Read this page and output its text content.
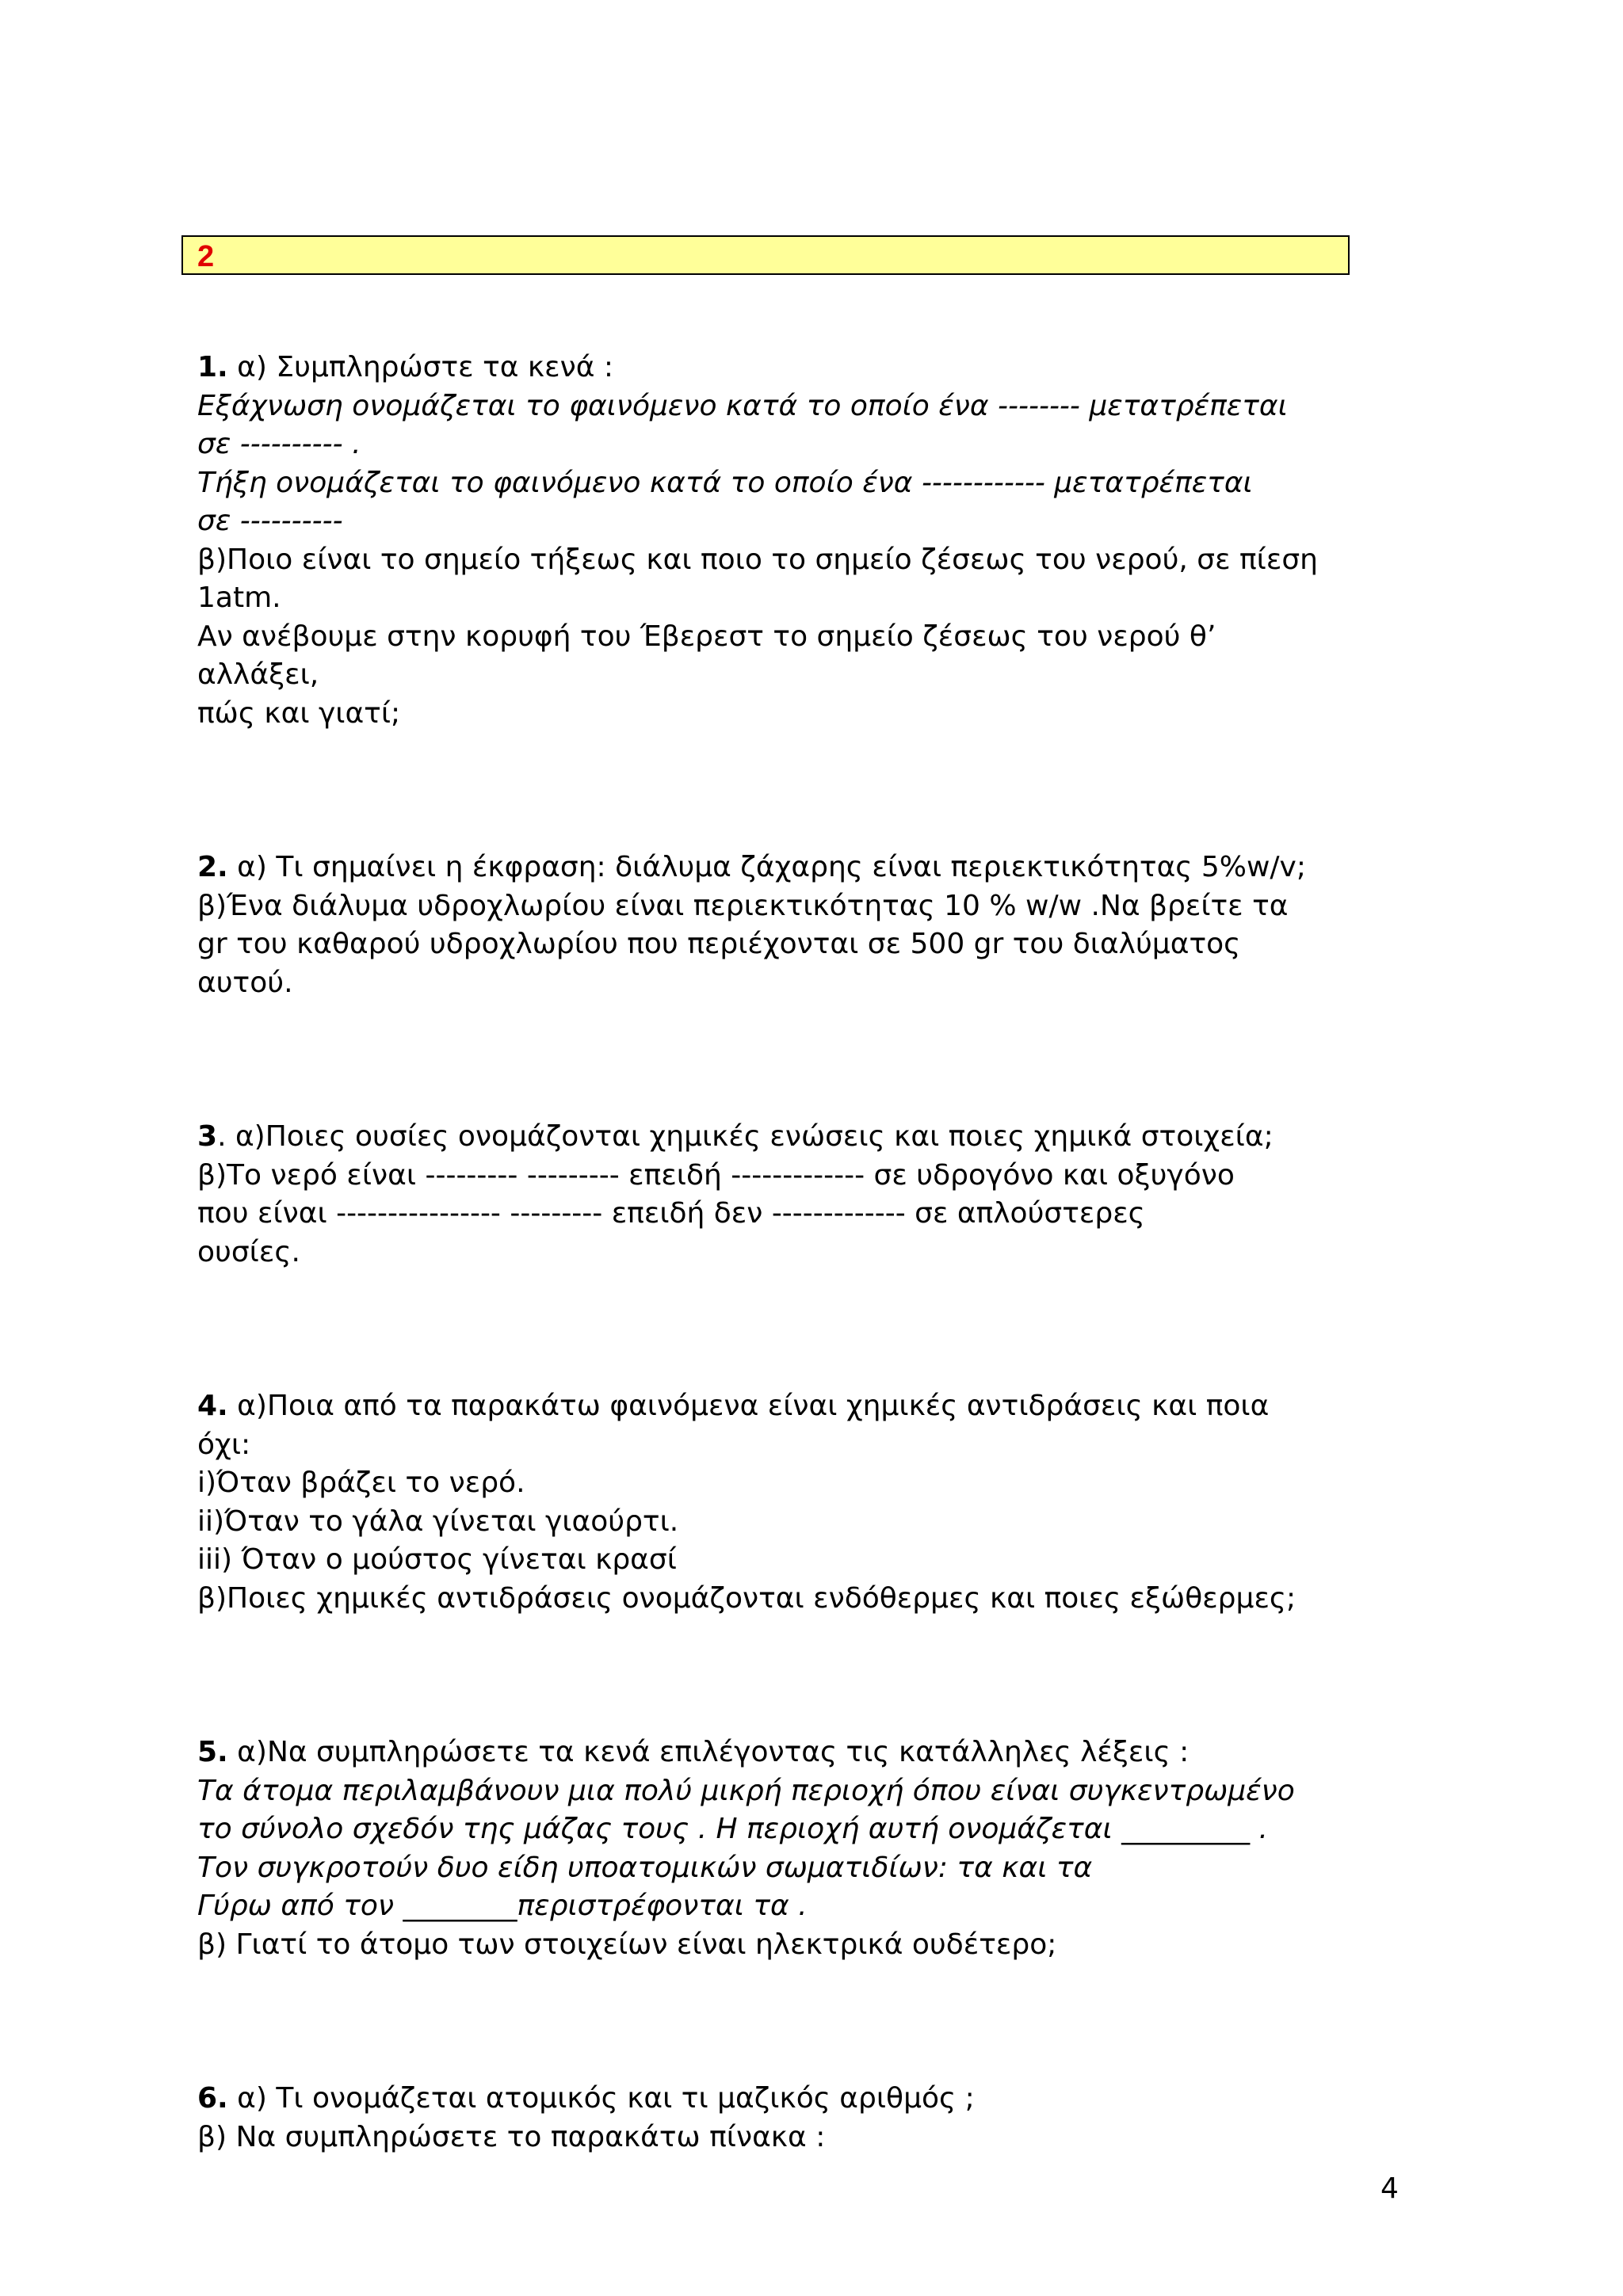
2

1. α) Συμπληρώστε τα κενά :

Εξάχνωση ονομάζεται το φαινόμενο κατά το οποίο ένα -------- μετατρέπεται

σε ---------- .

Τήξη ονομάζεται το φαινόμενο κατά το οποίο ένα ------------ μετατρέπεται

σε ----------

β)Ποιο είναι το σημείο τήξεως και ποιο το σημείο ζέσεως του νερού, σε πίεση

1atm.

Αν ανέβουμε στην κορυφή του Έβερεστ το σημείο ζέσεως του νερού θ’

αλλάξει,

πώς και γιατί;

2. α) Τι σημαίνει η έκφραση: διάλυμα ζάχαρης είναι περιεκτικότητας 5%w/v;

β)Ένα διάλυμα υδροχλωρίου είναι περιεκτικότητας 10 % w/w .Να βρείτε τα

gr του καθαρού υδροχλωρίου που περιέχονται σε 500 gr του διαλύματος

αυτού.

3. α)Ποιες ουσίες ονομάζονται χημικές ενώσεις και ποιες χημικά στοιχεία;

β)Το νερό είναι --------- --------- επειδή ------------- σε υδρογόνο και οξυγόνο

που είναι ---------------- --------- επειδή δεν ------------- σε απλούστερες

ουσίες.

4. α)Ποια από τα παρακάτω φαινόμενα είναι χημικές αντιδράσεις και ποια

όχι:

i)Όταν βράζει το νερό.

ii)Όταν το γάλα γίνεται γιαούρτι.

iii) Όταν ο μούστος γίνεται κρασί

β)Ποιες χημικές αντιδράσεις ονομάζονται ενδόθερμες και ποιες εξώθερμες;

5. α)Να συμπληρώσετε τα κενά επιλέγοντας τις κατάλληλες λέξεις :

Τα άτομα περιλαμβάνουν μια πολύ μικρή περιοχή όπου είναι συγκεντρωμένο

το σύνολο σχεδόν της μάζας τους . Η περιοχή αυτή ονομάζεται _________ .

Τον συγκροτούν δυο είδη υποατομικών σωματιδίων: τα και τα

Γύρω από τον ________περιστρέφονται τα .

β) Γιατί το άτομο των στοιχείων είναι ηλεκτρικά ουδέτερο;

6. α) Τι ονομάζεται ατομικός και τι μαζικός αριθμός ;

β) Να συμπληρώσετε το παρακάτω πίνακα :

4
